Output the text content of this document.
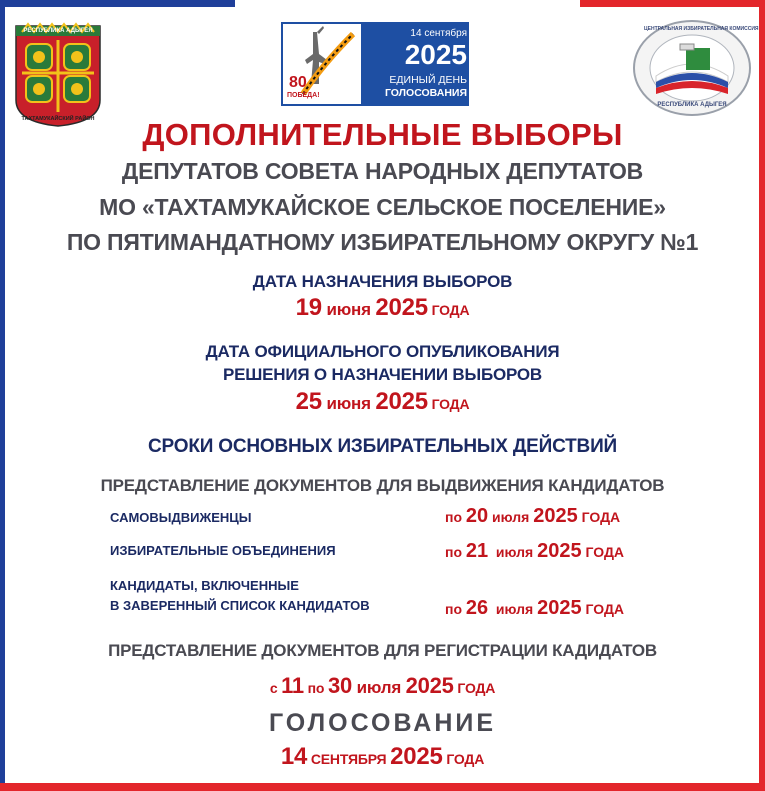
РЕСПУБЛИКА АДЫГЕЯ
ТАХТАМУКАЙСКИЙ РАЙОН
80
ПОБЕДА!
14 сентября
2025
ЕДИНЫЙ ДЕНЬ
ГОЛОСОВАНИЯ
ЦЕНТРАЛЬНАЯ ИЗБИРАТЕЛЬНАЯ КОМИССИЯ
РЕСПУБЛИКА АДЫГЕЯ
ДОПОЛНИТЕЛЬНЫЕ ВЫБОРЫ
ДЕПУТАТОВ СОВЕТА НАРОДНЫХ ДЕПУТАТОВ
МО «ТАХТАМУКАЙСКОЕ СЕЛЬСКОЕ ПОСЕЛЕНИЕ»
ПО ПЯТИМАНДАТНОМУ ИЗБИРАТЕЛЬНОМУ ОКРУГУ №1
ДАТА НАЗНАЧЕНИЯ ВЫБОРОВ
19 июня 2025 ГОДА
ДАТА ОФИЦИАЛЬНОГО ОПУБЛИКОВАНИЯ
РЕШЕНИЯ О НАЗНАЧЕНИИ ВЫБОРОВ
25 июня 2025 ГОДА
СРОКИ ОСНОВНЫХ ИЗБИРАТЕЛЬНЫХ ДЕЙСТВИЙ
ПРЕДСТАВЛЕНИЕ ДОКУМЕНТОВ ДЛЯ ВЫДВИЖЕНИЯ КАНДИДАТОВ
САМОВЫДВИЖЕНЦЫ	по 20 июля 2025 ГОДА
ИЗБИРАТЕЛЬНЫЕ ОБЪЕДИНЕНИЯ	по 21  июля 2025 ГОДА
КАНДИДАТЫ, ВКЛЮЧЕННЫЕ
В ЗАВЕРЕННЫЙ СПИСОК КАНДИДАТОВ	по 26  июля 2025 ГОДА
ПРЕДСТАВЛЕНИЕ ДОКУМЕНТОВ ДЛЯ РЕГИСТРАЦИИ КАДИДАТОВ
с 11 по 30 июля 2025 ГОДА
ГОЛОСОВАНИЕ
14 СЕНТЯБРЯ 2025 ГОДА
